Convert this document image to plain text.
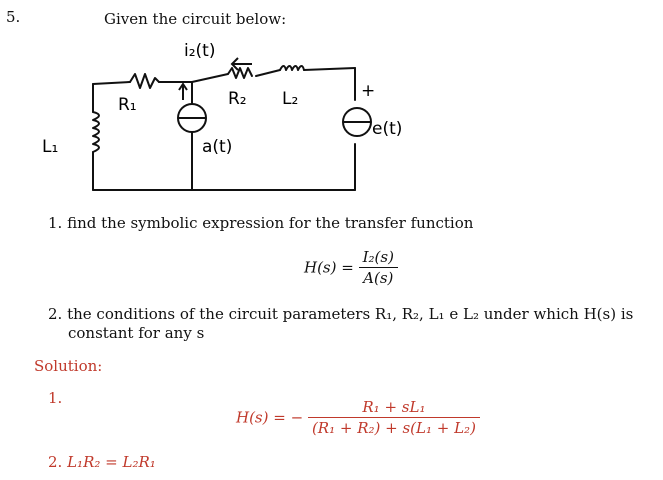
5.	Given the circuit below:
R₁	R₂ L₂
L₁
i₂(t)
a(t)
e(t)
+
1. find the symbolic expression for the transfer function
$H(s) = \frac{\text{I₂(s)}}{A(s)}$
2. the conditions of the circuit parameters R₁, R₂, L₁ e L₂ under which H(s) is
constant for any s
Solution:
1.
H(s) = − $\frac{\text{R₁ + sL₁}}{\text{(R₁ + R₂) + s(L₁ + L₂)}}$
2. L₁R₂ = L₂R₁
